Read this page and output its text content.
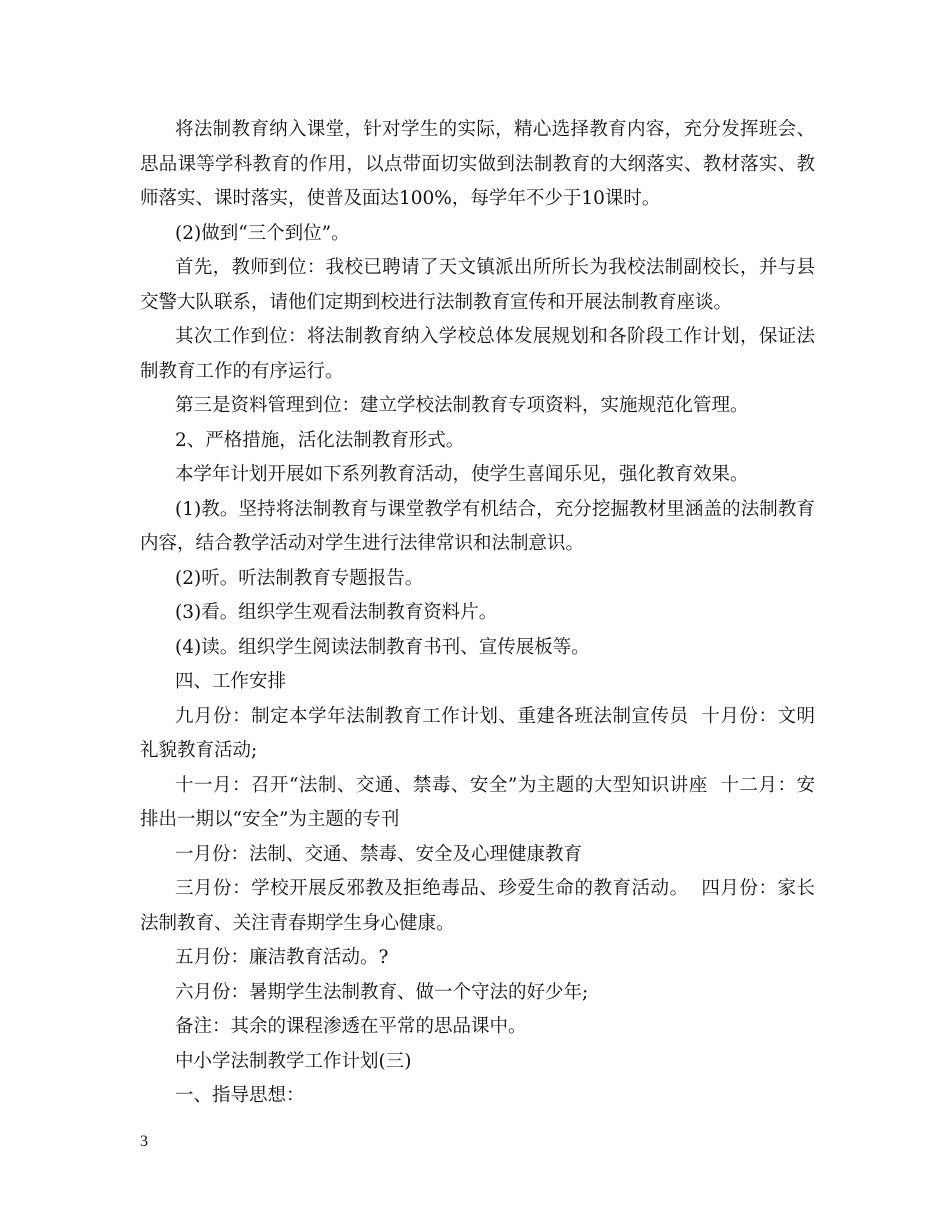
将法制教育纳入课堂，针对学生的实际，精心选择教育内容，充分发挥班会、思品课等学科教育的作用，以点带面切实做到法制教育的大纲落实、教材落实、教师落实、课时落实，使普及面达100%，每学年不少于10课时。

(2)做到“三个到位”。

首先，教师到位：我校已聘请了天文镇派出所所长为我校法制副校长，并与县交警大队联系，请他们定期到校进行法制教育宣传和开展法制教育座谈。

其次工作到位：将法制教育纳入学校总体发展规划和各阶段工作计划，保证法制教育工作的有序运行。

第三是资料管理到位：建立学校法制教育专项资料，实施规范化管理。

2、严格措施，活化法制教育形式。

本学年计划开展如下系列教育活动，使学生喜闻乐见，强化教育效果。

(1)教。坚持将法制教育与课堂教学有机结合，充分挖掘教材里涵盖的法制教育内容，结合教学活动对学生进行法律常识和法制意识。

(2)听。听法制教育专题报告。

(3)看。组织学生观看法制教育资料片。

(4)读。组织学生阅读法制教育书刊、宣传展板等。

四、工作安排

九月份：制定本学年法制教育工作计划、重建各班法制宣传员  十月份：文明礼貌教育活动;

十一月：召开“法制、交通、禁毒、安全”为主题的大型知识讲座  十二月：安排出一期以“安全”为主题的专刊

一月份：法制、交通、禁毒、安全及心理健康教育

三月份：学校开展反邪教及拒绝毒品、珍爱生命的教育活动。  四月份：家长法制教育、关注青春期学生身心健康。

五月份：廉洁教育活动。?

六月份：暑期学生法制教育、做一个守法的好少年;

备注：其余的课程渗透在平常的思品课中。

中小学法制教学工作计划(三)

一、指导思想：

3
